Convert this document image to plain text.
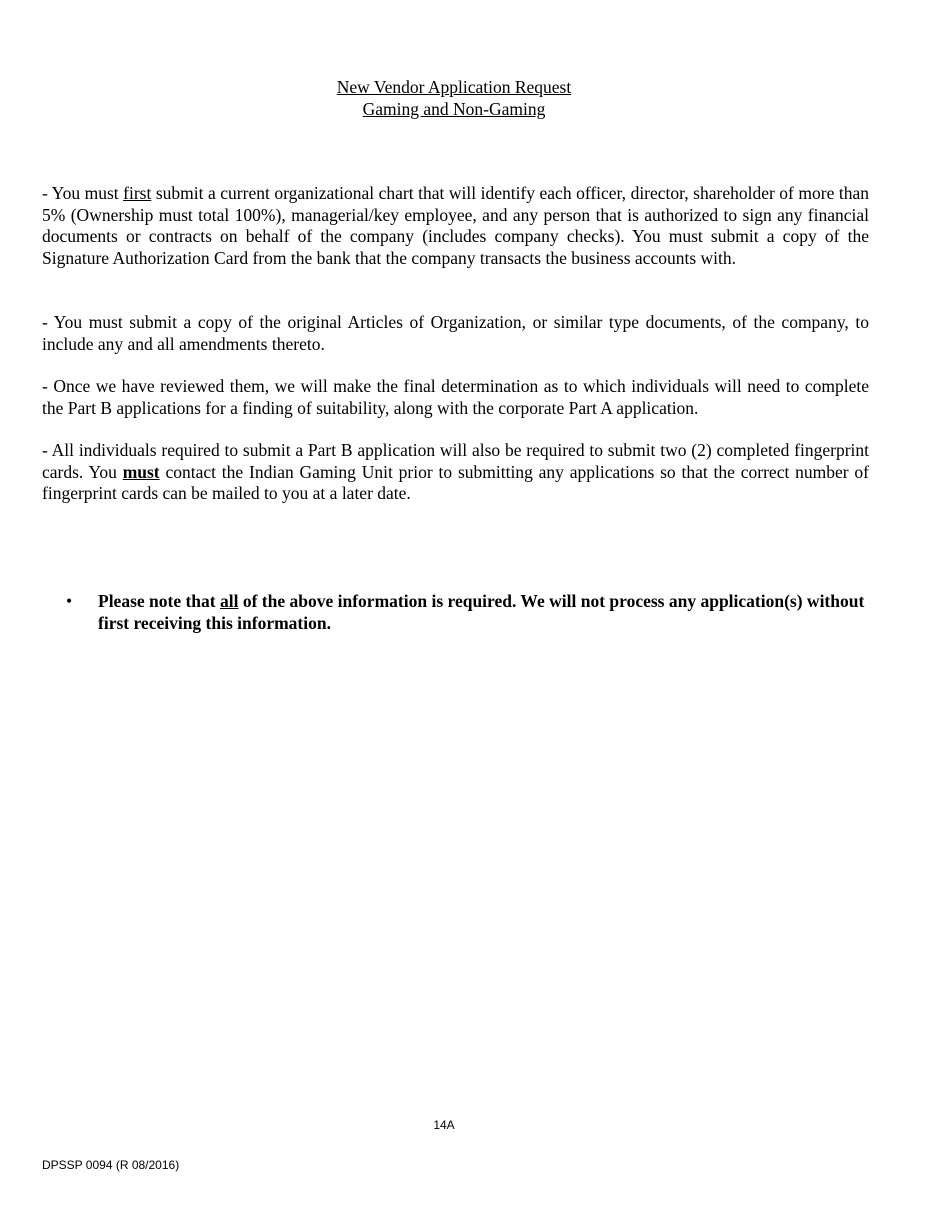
New Vendor Application Request
Gaming and Non-Gaming

- You must first submit a current organizational chart that will identify each officer, director, shareholder of more than 5% (Ownership must total 100%), managerial/key employee, and any person that is authorized to sign any financial documents or contracts on behalf of the company (includes company checks). You must submit a copy of the Signature Authorization Card from the bank that the company transacts the business accounts with.

- You must submit a copy of the original Articles of Organization, or similar type documents, of the company, to include any and all amendments thereto.

- Once we have reviewed them, we will make the final determination as to which individuals will need to complete the Part B applications for a finding of suitability, along with the corporate Part A application.

- All individuals required to submit a Part B application will also be required to submit two (2) completed fingerprint cards. You must contact the Indian Gaming Unit prior to submitting any applications so that the correct number of fingerprint cards can be mailed to you at a later date.

• Please note that all of the above information is required. We will not process any application(s) without first receiving this information.
14A
DPSSP 0094 (R 08/2016)
